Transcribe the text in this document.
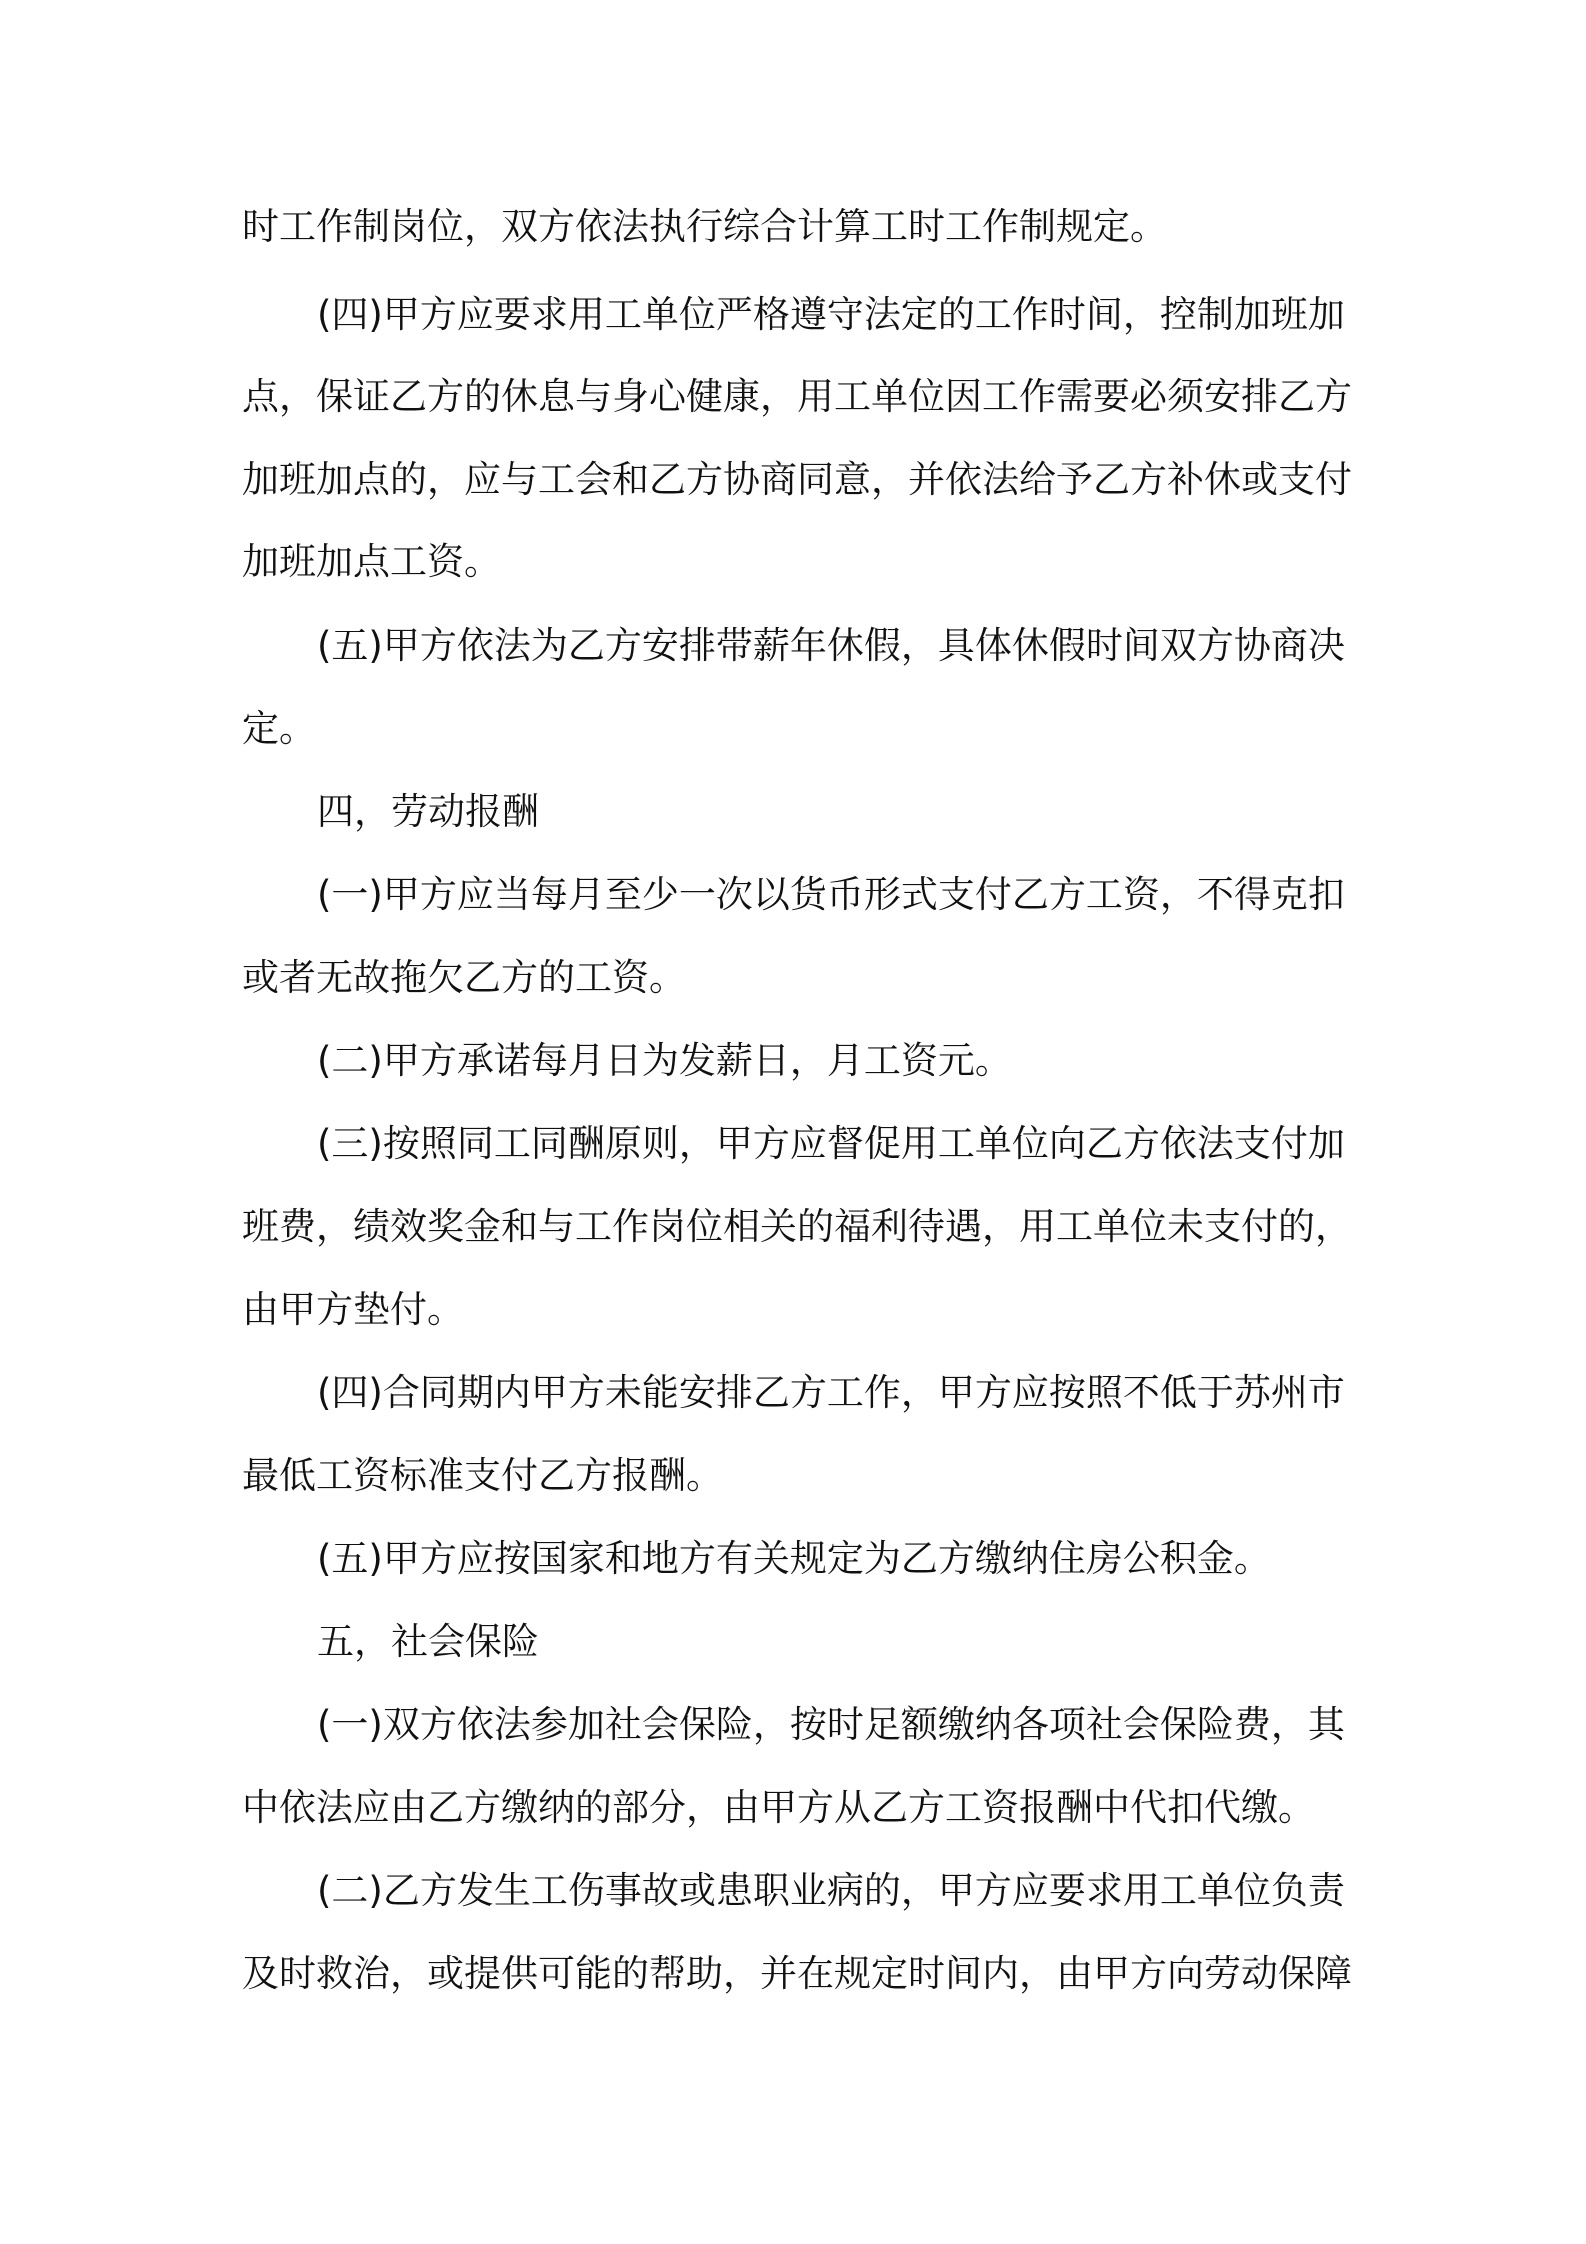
时工作制岗位，双方依法执行综合计算工时工作制规定。
(四)甲方应要求用工单位严格遵守法定的工作时间，控制加班加
点，保证乙方的休息与身心健康，用工单位因工作需要必须安排乙方
加班加点的，应与工会和乙方协商同意，并依法给予乙方补休或支付
加班加点工资。
(五)甲方依法为乙方安排带薪年休假，具体休假时间双方协商决
定。
四，劳动报酬
(一)甲方应当每月至少一次以货币形式支付乙方工资，不得克扣
或者无故拖欠乙方的工资。
(二)甲方承诺每月日为发薪日，月工资元。
(三)按照同工同酬原则，甲方应督促用工单位向乙方依法支付加
班费，绩效奖金和与工作岗位相关的福利待遇，用工单位未支付的，
由甲方垫付。
(四)合同期内甲方未能安排乙方工作，甲方应按照不低于苏州市
最低工资标准支付乙方报酬。
(五)甲方应按国家和地方有关规定为乙方缴纳住房公积金。
五，社会保险
(一)双方依法参加社会保险，按时足额缴纳各项社会保险费，其
中依法应由乙方缴纳的部分，由甲方从乙方工资报酬中代扣代缴。
(二)乙方发生工伤事故或患职业病的，甲方应要求用工单位负责
及时救治，或提供可能的帮助，并在规定时间内，由甲方向劳动保障
